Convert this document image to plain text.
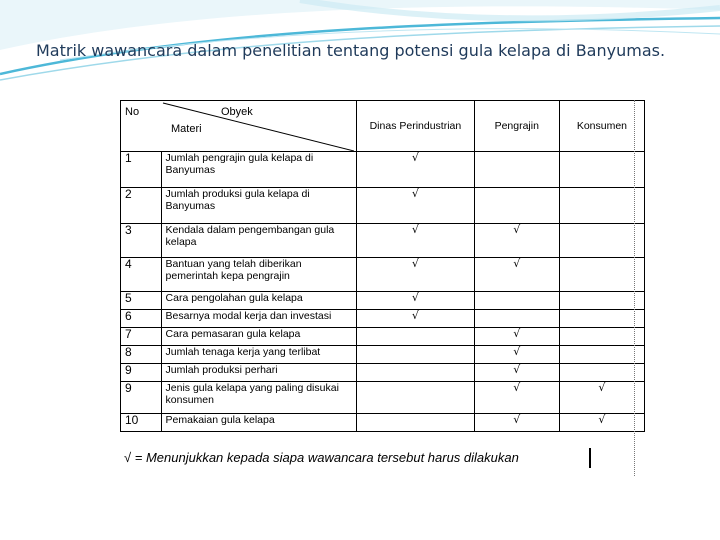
Matrik wawancara dalam penelitian tentang potensi gula kelapa di Banyumas.
No Obyek
Materi		Dinas Perindustrian	Pengrajin	Konsumen
1	Jumlah pengrajin gula kelapa di Banyumas	√		
2	Jumlah produksi gula kelapa di Banyumas	√		
3	Kendala dalam pengembangan gula kelapa	√	√	
4	Bantuan yang telah diberikan pemerintah kepa pengrajin	√	√	
5	Cara pengolahan gula kelapa	√		
6	Besarnya modal kerja dan investasi	√		
7	Cara pemasaran gula kelapa		√	
8	Jumlah tenaga kerja yang terlibat		√	
9	Jumlah produksi perhari		√	
9	Jenis gula kelapa yang paling disukai konsumen		√	√
10	Pemakaian gula kelapa		√	√
√ = Menunjukkan kepada siapa wawancara tersebut harus dilakukan
